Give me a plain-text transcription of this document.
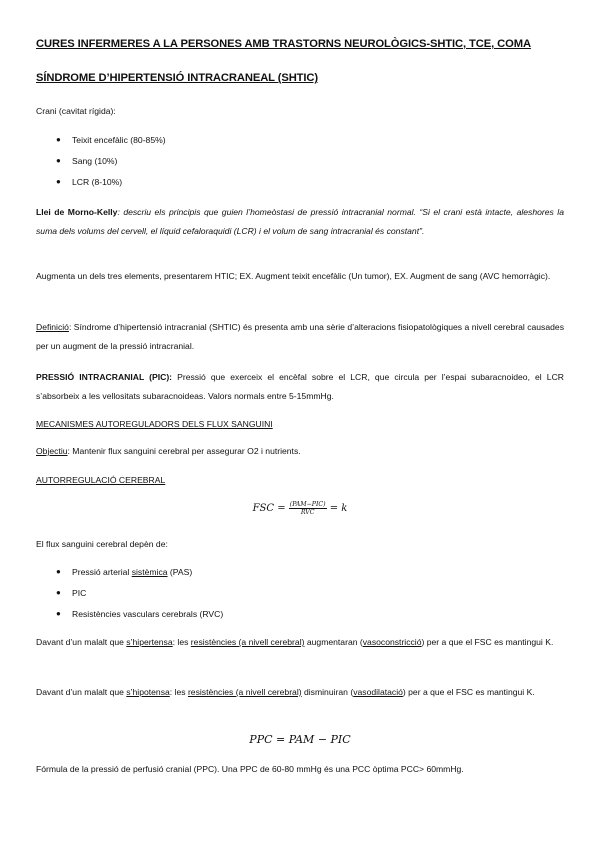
CURES INFERMERES A LA PERSONES AMB TRASTORNS NEUROLÒGICS-SHTIC, TCE, COMA
SÍNDROME D’HIPERTENSIÓ INTRACRANEAL (SHTIC)
Crani (cavitat rígida):
● Teixit encefàlic (80-85%)
● Sang (10%)
● LCR (8-10%)
Llei de Morno-Kelly: descriu els principis que guien l’homeòstasi de pressió intracranial normal. “Si el crani està intacte, aleshores la suma dels volums del cervell, el líquid cefaloraquidi (LCR) i el volum de sang intracranial és constant”.
Augmenta un dels tres elements, presentarem HTIC; EX. Augment teixit encefàlic (Un tumor), EX. Augment de sang (AVC hemorràgic).
Definició: Síndrome d’hipertensió intracranial (SHTIC) és presenta amb una sèrie d’alteracions fisiopatològiques a nivell cerebral causades per un augment de la pressió intracranial.
PRESSIÓ INTRACRANIAL (PIC): Pressió que exerceix el encèfal sobre el LCR, que circula per l’espai subaracnoideo, el LCR s’absorbeix a les vellositats subaracnoideas. Valors normals entre 5-15mmHg.
MECANISMES AUTOREGULADORS DELS FLUX SANGUINI
Objectiu: Mantenir flux sanguini cerebral per assegurar O2 i nutrients.
AUTORREGULACIÓ CEREBRAL
FSC = $\frac{\text{(PAM−PIC)}}{\text{RVC}} = k$
El flux sanguini cerebral depèn de:
● Pressió arterial sistèmica (PAS)
● PIC
● Resistències vasculars cerebrals (RVC)
Davant d’un malalt que s’hipertensa: les resistències (a nivell cerebral) augmentaran (vasoconstricció) per a que el FSC es mantingui K.
Davant d’un malalt que s’hipotensa: les resistències (a nivell cerebral) disminuiran (vasodilatació) per a que el FSC es mantingui K.
PPC = PAM − PIC
Fórmula de la pressió de perfusió cranial (PPC). Una PPC de 60-80 mmHg és una PCC òptima PCC> 60mmHg.
